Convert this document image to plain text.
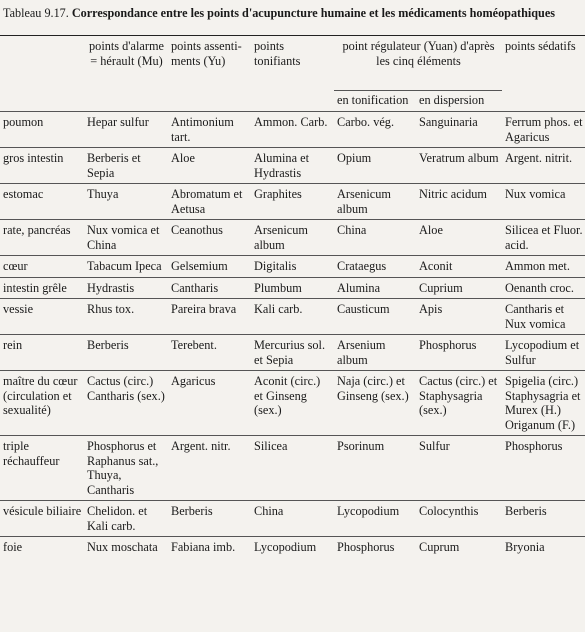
Tableau 9.17. Correspondance entre les points d'acupuncture humaine et les médicaments homéopathiques
	points d'alarme = hérault (Mu)	points assenti-ments (Yu)	points tonifiants	point régulateur (Yuan) d'après les cinq éléments		points sédatifs
				en tonification	en dispersion	
poumon	Hepar sulfur	Antimonium tart.	Ammon. Carb.	Carbo. vég.	Sanguinaria	Ferrum phos. et Agaricus
gros intestin	Berberis et Sepia	Aloe	Alumina et Hydrastis	Opium	Veratrum album	Argent. nitrit.
estomac	Thuya	Abromatum et Aetusa	Graphites	Arsenicum album	Nitric acidum	Nux vomica
rate, pancréas	Nux vomica et China	Ceanothus	Arsenicum album	China	Aloe	Silicea et Fluor. acid.
cœur	Tabacum Ipeca	Gelsemium	Digitalis	Crataegus	Aconit	Ammon met.
intestin grêle	Hydrastis	Cantharis	Plumbum	Alumina	Cuprium	Oenanth croc.
vessie	Rhus tox.	Pareira brava	Kali carb.	Causticum	Apis	Cantharis et Nux vomica
rein	Berberis	Terebent.	Mercurius sol. et Sepia	Arsenium album	Phosphorus	Lycopodium et Sulfur
maître du cœur (circulation et sexualité)	Cactus (circ.) Cantharis (sex.)	Agaricus	Aconit (circ.) et Ginseng (sex.)	Naja (circ.) et Ginseng (sex.)	Cactus (circ.) et Staphysagria (sex.)	Spigelia (circ.) Staphysagria et Murex (H.) Origanum (F.)
triple réchauffeur	Phosphorus et Raphanus sat., Thuya, Cantharis	Argent. nitr.	Silicea	Psorinum	Sulfur	Phosphorus
vésicule biliaire	Chelidon. et Kali carb.	Berberis	China	Lycopodium	Colocynthis	Berberis
foie	Nux moschata	Fabiana imb.	Lycopodium	Phosphorus	Cuprum	Bryonia
